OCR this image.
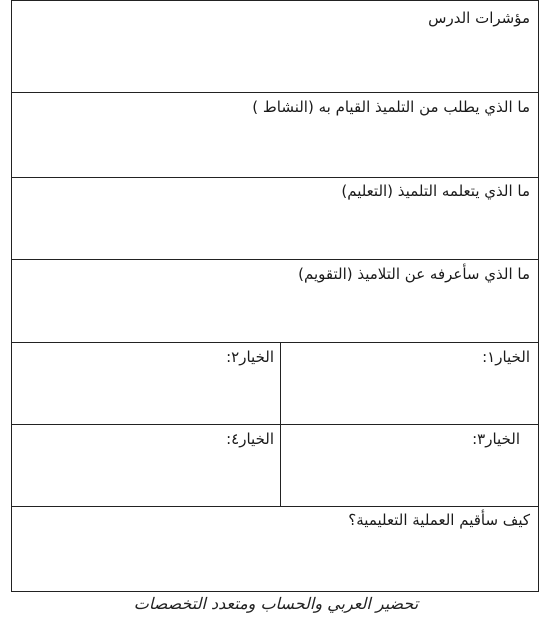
مؤشرات الدرس
ما الذي يطلب من التلميذ القيام به (النشاط )
ما الذي يتعلمه التلميذ (التعليم)
ما الذي سأعرفه عن التلاميذ (التقويم)
الخيار١:
الخيار٢:
الخيار٣:
الخيار٤:
كيف سأقيم العملية التعليمية؟
تحضير العربي والحساب ومتعدد التخصصات
